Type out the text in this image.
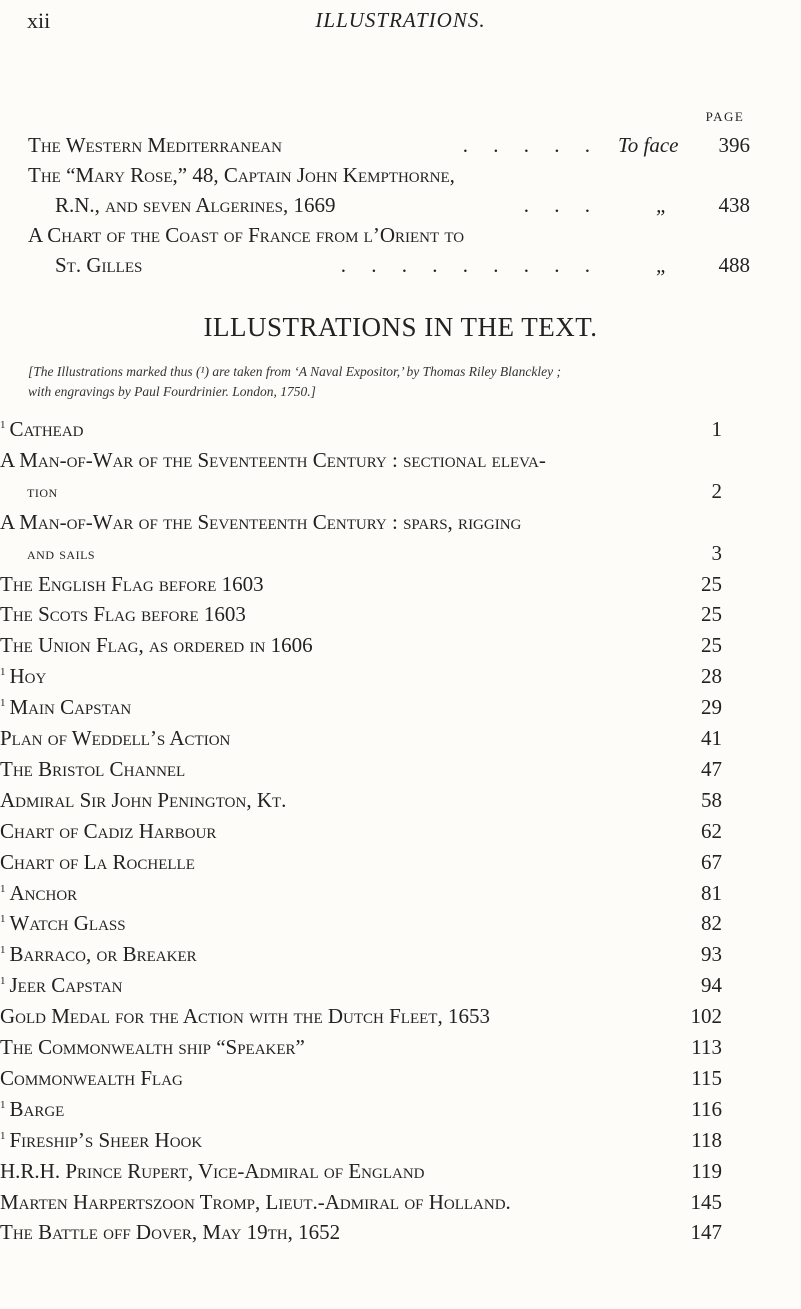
xii	ILLUSTRATIONS.
PAGE
The Western Mediterranean	. . . . . To face	396
The “Mary Rose,” 48, Captain John Kempthorne,
R.N., and seven Algerines, 1669	. . .	„	438
A Chart of the Coast of France from l’Orient to
St. Gilles	. . . . . . . . .	„	488
ILLUSTRATIONS IN THE TEXT.
[The Illustrations marked thus (¹) are taken from ‘A Naval Expositor,’ by Thomas Riley Blanckley ;
with engravings by Paul Fourdrinier. London, 1750.]
$^1$ Cathead	1
A Man-of-War of the Seventeenth Century : sectional eleva-
tion	2
A Man-of-War of the Seventeenth Century : spars, rigging
and sails	3
The English Flag before 1603	25
The Scots Flag before 1603	25
The Union Flag, as ordered in 1606	25
$^1$ Hoy	28
$^1$ Main Capstan	29
Plan of Weddell’s Action	41
The Bristol Channel	47
Admiral Sir John Penington, Kt.	58
Chart of Cadiz Harbour	62
Chart of La Rochelle	67
$^1$ Anchor	81
$^1$ Watch Glass	82
$^1$ Barraco, or Breaker	93
$^1$ Jeer Capstan	94
Gold Medal for the Action with the Dutch Fleet, 1653	102
The Commonwealth ship “Speaker”	113
Commonwealth Flag	115
$^1$ Barge	116
$^1$ Fireship’s Sheer Hook	118
H.R.H. Prince Rupert, Vice-Admiral of England	119
Marten Harpertszoon Tromp, Lieut.-Admiral of Holland.	145
The Battle off Dover, May 19th, 1652	147
